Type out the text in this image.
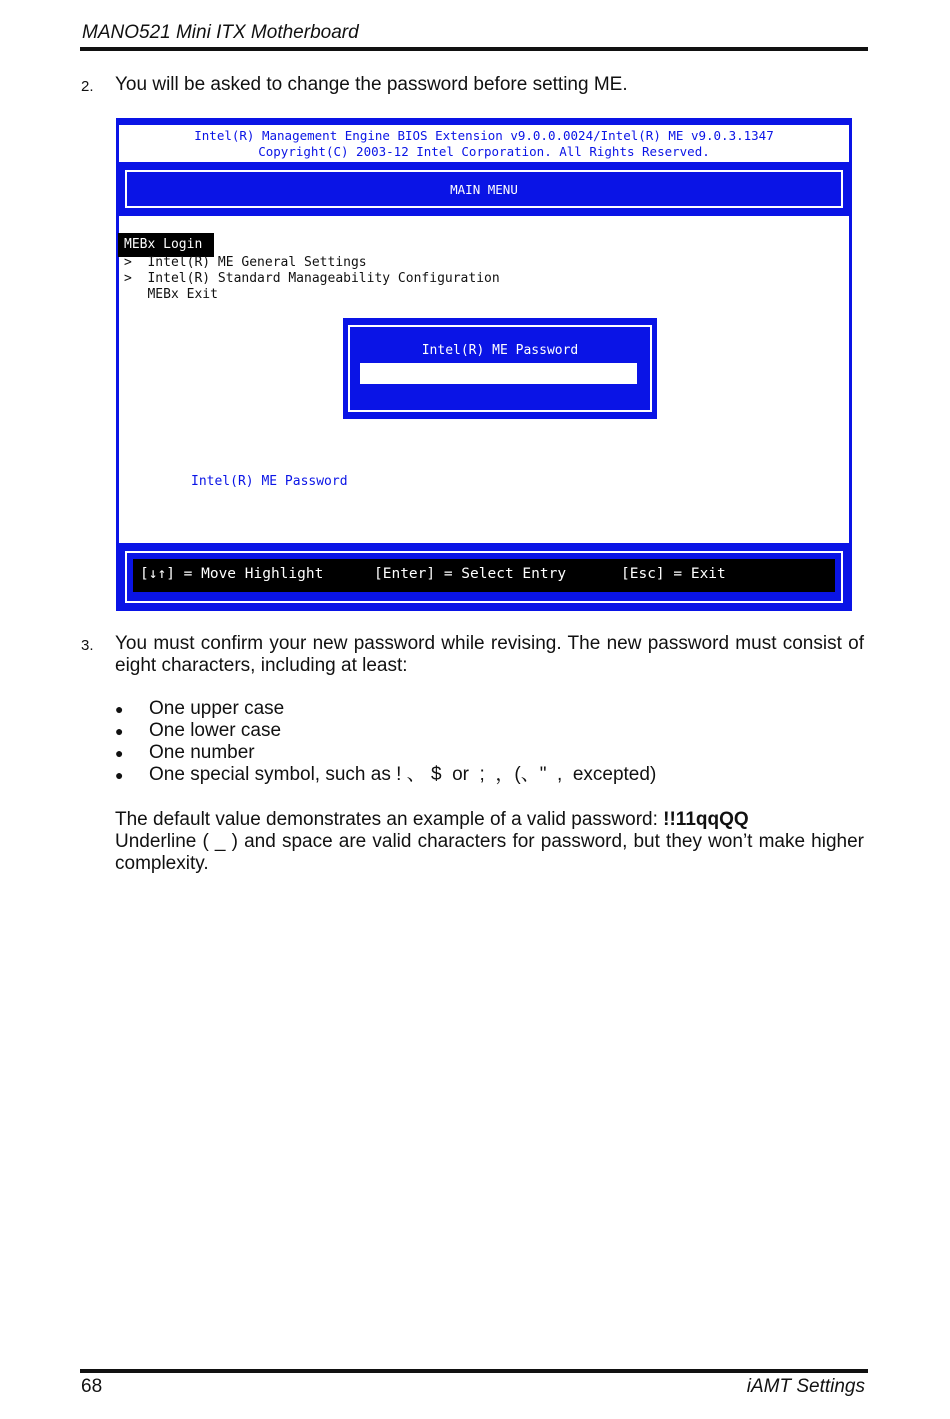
MANO521 Mini ITX Motherboard
2. You will be asked to change the password before setting ME.
Intel(R) Management Engine BIOS Extension v9.0.0.0024/Intel(R) ME v9.0.3.1347
Copyright(C) 2003-12 Intel Corporation. All Rights Reserved.
MAIN MENU
MEBx Login
>  Intel(R) ME General Settings
>  Intel(R) Standard Manageability Configuration
MEBx Exit
Intel(R) ME Password
Intel(R) ME Password
[↓↑] = Move Highlight	[Enter] = Select Entry	[Esc] = Exit
3. You must confirm your new password while revising. The new password must consist of eight characters, including at least:
● One upper case
● One lower case
● One number
● One special symbol, such as ! 、 $  or  ;  ，(、"  ,  excepted)
The default value demonstrates an example of a valid password: !!11qqQQ
Underline ( _ ) and space are valid characters for password, but they won’t make higher complexity.
68	iAMT Settings
